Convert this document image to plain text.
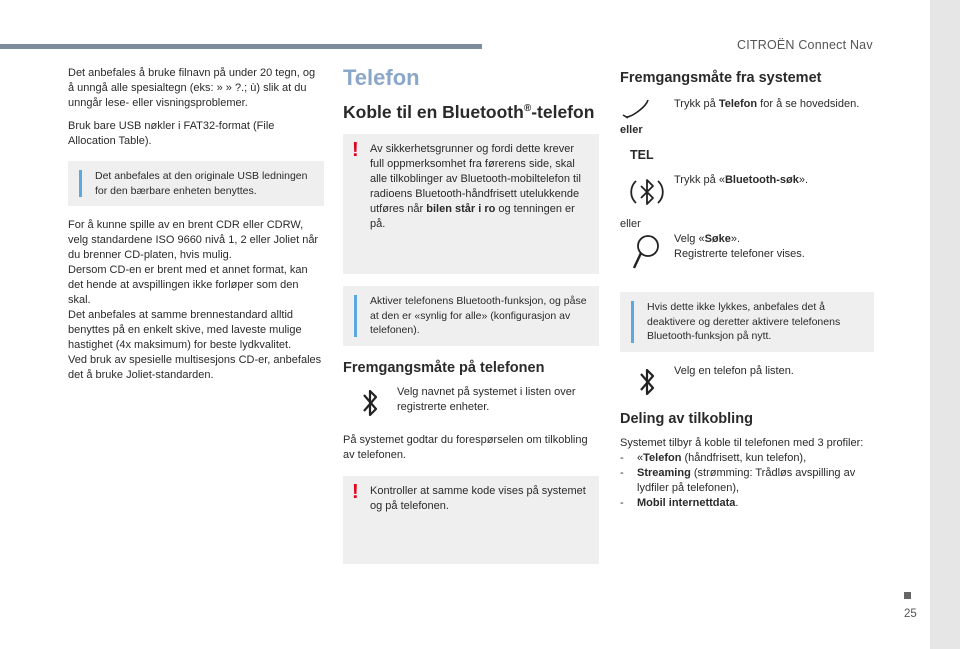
CITROËN Connect Nav

Det anbefales å bruke filnavn på under 20 tegn, og å unngå alle spesialtegn (eks: » » ?.; ù) slik at du unngår lese- eller visningsproblemer.

Bruk bare USB nøkler i FAT32-format (File Allocation Table).

Det anbefales at den originale USB ledningen for den bærbare enheten benyttes.

For å kunne spille av en brent CDR eller CDRW, velg standardene ISO 9660 nivå 1, 2 eller Joliet når du brenner CD-platen, hvis mulig.

Dersom CD-en er brent med et annet format, kan det hende at avspillingen ikke forløper som den skal.

Det anbefales at samme brennestandard alltid benyttes på en enkelt skive, med laveste mulige hastighet (4x maksimum) for beste lydkvalitet.

Ved bruk av spesielle multisesjons CD-er, anbefales det å bruke Joliet-standarden.

Telefon
Koble til en Bluetooth®-telefon
! Av sikkerhetsgrunner og fordi dette krever full oppmerksomhet fra førerens side, skal alle tilkoblinger av Bluetooth-mobiltelefon til radioens Bluetooth-håndfrisett utelukkende utføres når bilen står i ro og tenningen er på.
Aktiver telefonens Bluetooth-funksjon, og påse at den er «synlig for alle» (konfigurasjon av telefonen).
Fremgangsmåte på telefonen
Velg navnet på systemet i listen over registrerte enheter.

På systemet godtar du forespørselen om tilkobling av telefonen.

! Kontroller at samme kode vises på systemet og på telefonen.
Fremgangsmåte fra systemet
eller
TEL
Trykk på Telefon for å se hovedsiden.
Trykk på «Bluetooth-søk».

eller

Velg «Søke».
Registrerte telefoner vises.
Hvis dette ikke lykkes, anbefales det å deaktivere og deretter aktivere telefonens Bluetooth-funksjon på nytt.
Velg en telefon på listen.
Deling av tilkobling

Systemet tilbyr å koble til telefonen med 3 profiler:

- «Telefon (håndfrisett, kun telefon),
- Streaming (strømming: Trådløs avspilling av lydfiler på telefonen),
- Mobil internettdata.
25
